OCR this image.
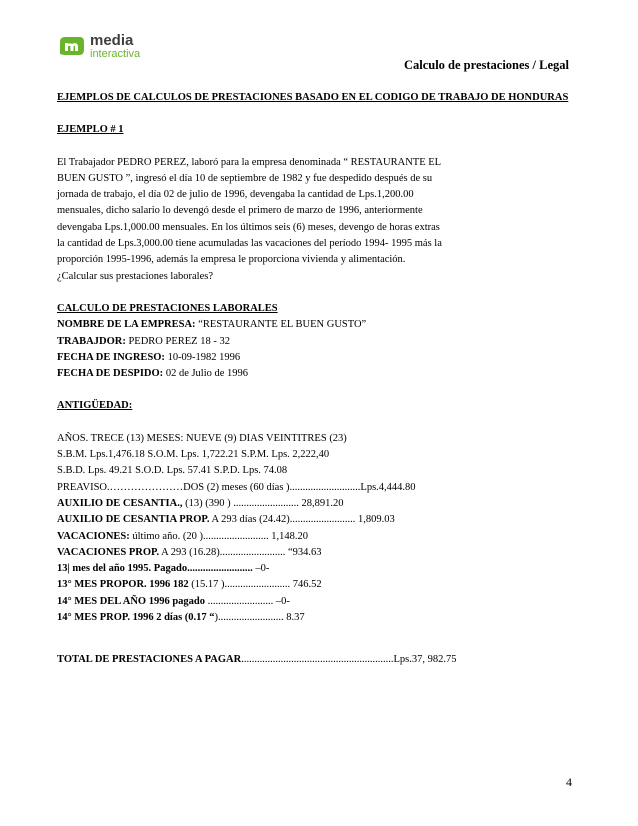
media
interactiva
Calculo de prestaciones / Legal

EJEMPLOS DE CALCULOS DE PRESTACIONES BASADO EN EL CODIGO DE TRABAJO DE HONDURAS

EJEMPLO # 1

El Trabajador PEDRO PEREZ, laboró para la empresa denominada “ RESTAURANTE EL

BUEN GUSTO ”, ingresó el día 10 de septiembre de 1982 y fue despedido después de su

jornada de trabajo, el día 02 de julio de 1996, devengaba la cantidad de Lps.1,200.00

mensuales, dicho salario lo devengó desde el primero de marzo de 1996, anteriormente

devengaba Lps.1,000.00 mensuales. En los últimos seis (6) meses, devengo de horas extras

la cantidad de Lps.3,000.00 tiene acumuladas las vacaciones del período 1994- 1995 más la

proporción 1995-1996, además la empresa le proporciona vivienda y alimentación.

¿Calcular sus prestaciones laborales?

CALCULO DE PRESTACIONES LABORALES

NOMBRE DE LA EMPRESA: “RESTAURANTE EL BUEN GUSTO”

TRABAJDOR: PEDRO PEREZ 18 - 32

FECHA DE INGRESO: 10-09-1982 1996

FECHA DE DESPIDO: 02 de Julio de 1996

ANTIGÜEDAD:

AÑOS. TRECE (13) MESES: NUEVE (9) DIAS VEINTITRES (23)

S.B.M. Lps.1,476.18 S.O.M. Lps. 1,722.21 S.P.M. Lps. 2,222,40

S.B.D. Lps. 49.21 S.O.D. Lps. 57.41 S.P.D. Lps. 74.08

PREAVISO.…………………DOS (2) meses (60 días )...........................Lps.4,444.80

AUXILIO DE CESANTIA., (13) (390 ) ......................... 28,891.20

AUXILIO DE CESANTIA PROP. A 293 días (24.42)......................... 1,809.03

VACACIONES: último año. (20 )......................... 1,148.20

VACACIONES PROP. A 293 (16.28)......................... “934.63

13| mes del año 1995. Pagado......................... –0-

13° MES PROPOR. 1996 182 (15.17 )......................... 746.52

14° MES DEL AÑO 1996 pagado ......................... –0-

14° MES PROP. 1996 2 días (0.17 “)......................... 8.37

TOTAL DE PRESTACIONES A PAGAR..........................................................Lps.37, 982.75

4
